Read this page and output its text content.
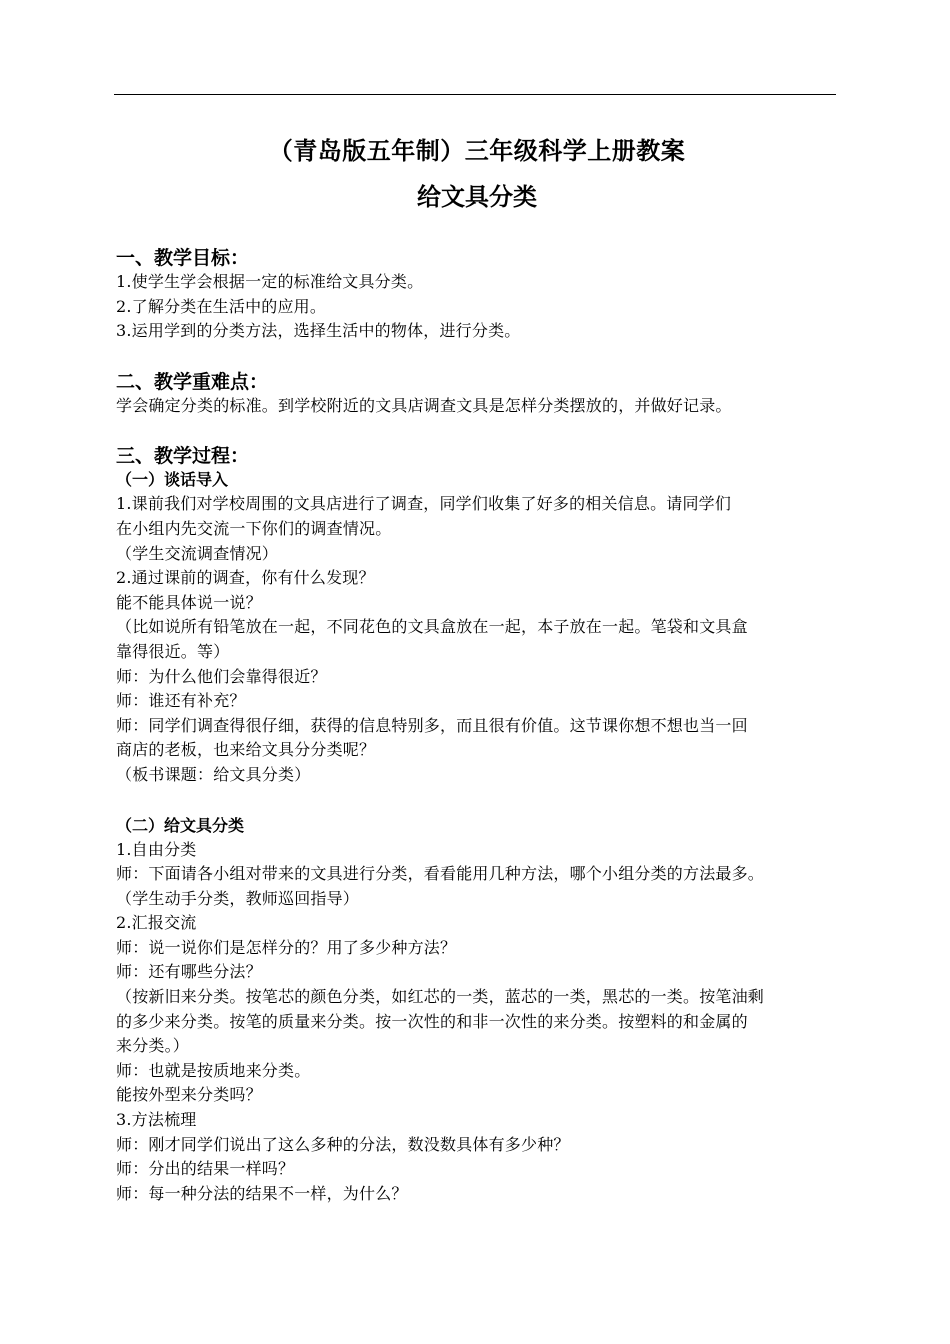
（青岛版五年制）三年级科学上册教案
给文具分类
一、教学目标：
1.使学生学会根据一定的标准给文具分类。
2.了解分类在生活中的应用。
3.运用学到的分类方法，选择生活中的物体，进行分类。
二、教学重难点：
学会确定分类的标准。到学校附近的文具店调查文具是怎样分类摆放的，并做好记录。
三、教学过程：
（一）谈话导入
1.课前我们对学校周围的文具店进行了调查，同学们收集了好多的相关信息。请同学们
在小组内先交流一下你们的调查情况。
（学生交流调查情况）
2.通过课前的调查，你有什么发现？
能不能具体说一说？
（比如说所有铅笔放在一起，不同花色的文具盒放在一起，本子放在一起。笔袋和文具盒
靠得很近。等）
师：为什么他们会靠得很近？
师：谁还有补充？
师：同学们调查得很仔细，获得的信息特别多，而且很有价值。这节课你想不想也当一回
商店的老板，也来给文具分分类呢？
（板书课题：给文具分类）
（二）给文具分类
1.自由分类
师：下面请各小组对带来的文具进行分类，看看能用几种方法，哪个小组分类的方法最多。
（学生动手分类，教师巡回指导）
2.汇报交流
师：说一说你们是怎样分的？用了多少种方法？
师：还有哪些分法？
（按新旧来分类。按笔芯的颜色分类，如红芯的一类，蓝芯的一类，黑芯的一类。按笔油剩
的多少来分类。按笔的质量来分类。按一次性的和非一次性的来分类。按塑料的和金属的
来分类。）
师：也就是按质地来分类。
能按外型来分类吗？
3.方法梳理
师：刚才同学们说出了这么多种的分法，数没数具体有多少种？
师：分出的结果一样吗？
师：每一种分法的结果不一样，为什么？
